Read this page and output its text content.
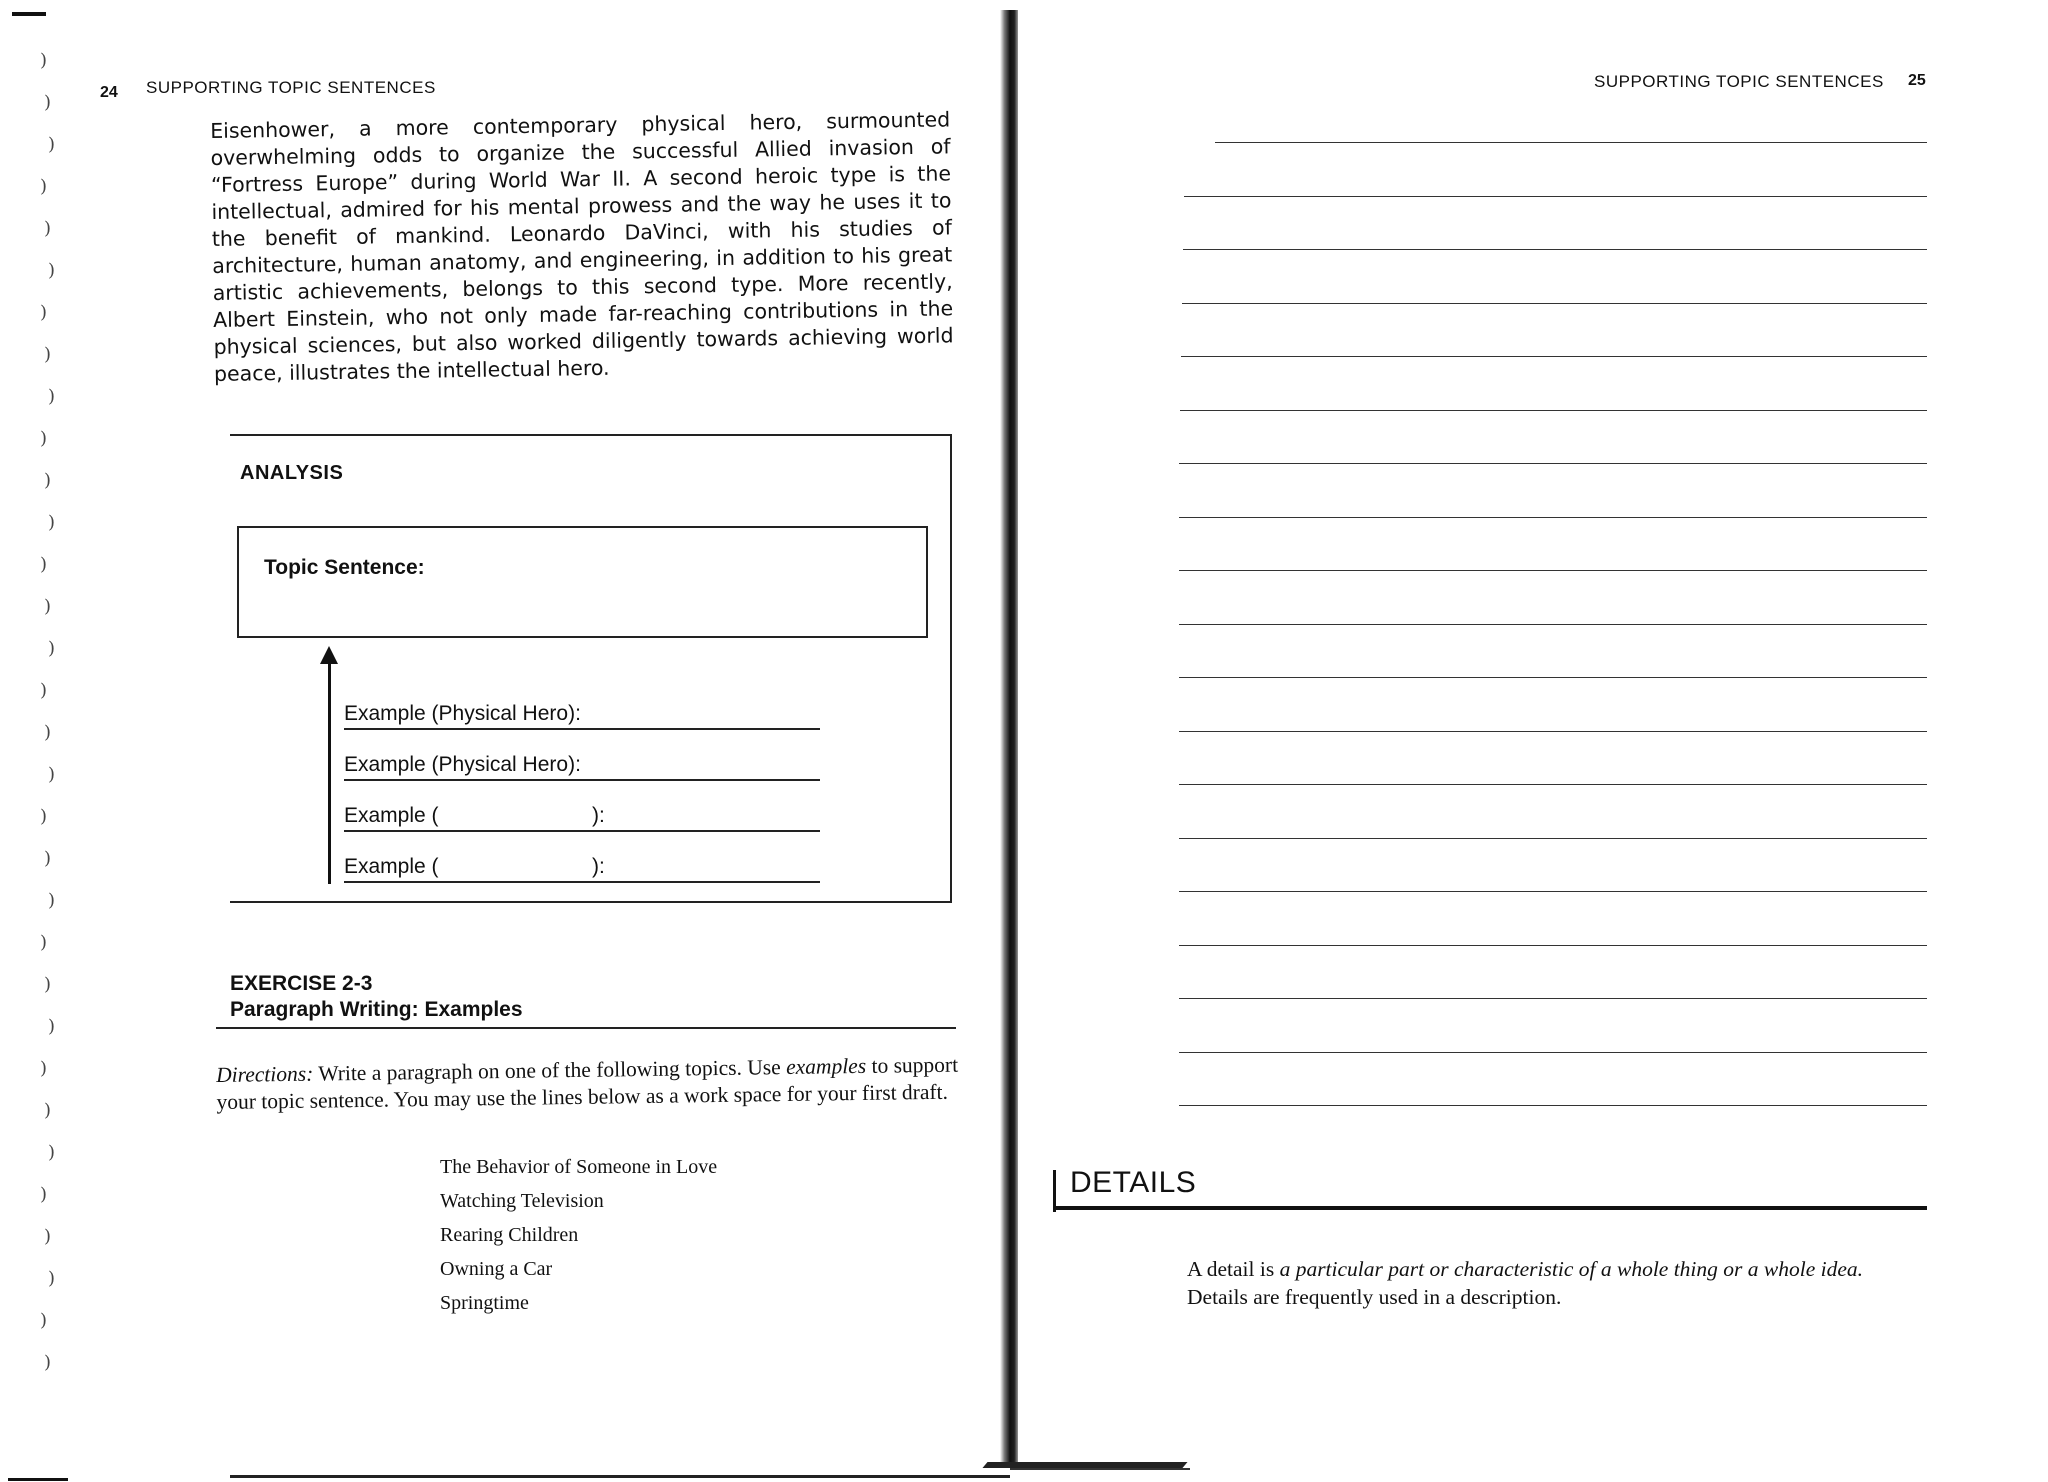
)
)
)
)
)
)
)
)
)
)
)
)
)
)
)
)
)
)
)
)
)
)
)
)
)
)
)
)
)
)
)
)
24 SUPPORTING TOPIC SENTENCES
Eisenhower, a more contemporary physical hero, surmounted overwhelming odds to organize the successful Allied invasion of “Fortress Europe” during World War II. A second heroic type is the intellectual, admired for his mental prowess and the way he uses it to the benefit of mankind. Leonardo DaVinci, with his studies of architecture, human anatomy, and engineering, in addition to his great artistic achievements, belongs to this second type. More recently, Albert Einstein, who not only made far-reaching contributions in the physical sciences, but also worked diligently towards achieving world peace, illustrates the intellectual hero.
ANALYSIS
Topic Sentence:
Example (Physical Hero):
Example (Physical Hero):
Example (	):
Example (	):
EXERCISE 2-3
Paragraph Writing: Examples
Directions: Write a paragraph on one of the following topics. Use examples to support your topic sentence. You may use the lines below as a work space for your first draft.
The Behavior of Someone in Love
Watching Television
Rearing Children
Owning a Car
Springtime
SUPPORTING TOPIC SENTENCES 25
DETAILS
A detail is a particular part or characteristic of a whole thing or a whole idea. Details are frequently used in a description.
